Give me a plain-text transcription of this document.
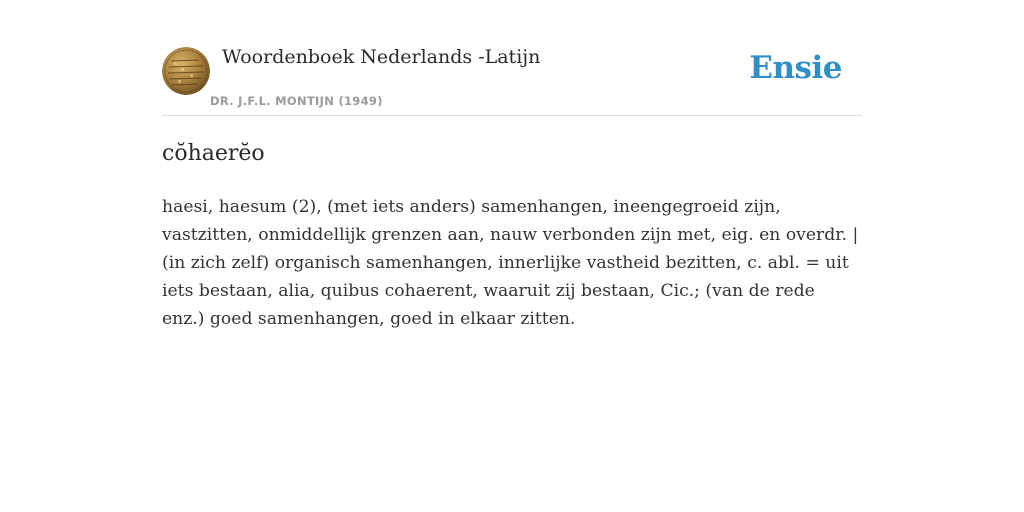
Woordenboek Nederlands -Latijn
DR. J.F.L. MONTIJN (1949)
Ensie
cŏhaerĕo

haesi, haesum (2), (met iets anders) samenhangen, ineengegroeid zijn, vastzitten, onmiddellijk grenzen aan, nauw verbonden zijn met, eig. en overdr. | (in zich zelf) organisch samenhangen, innerlijke vastheid bezitten, c. abl. = uit iets bestaan, alia, quibus cohaerent, waaruit zij bestaan, Cic.; (van de rede enz.) goed samenhangen, goed in elkaar zitten.
